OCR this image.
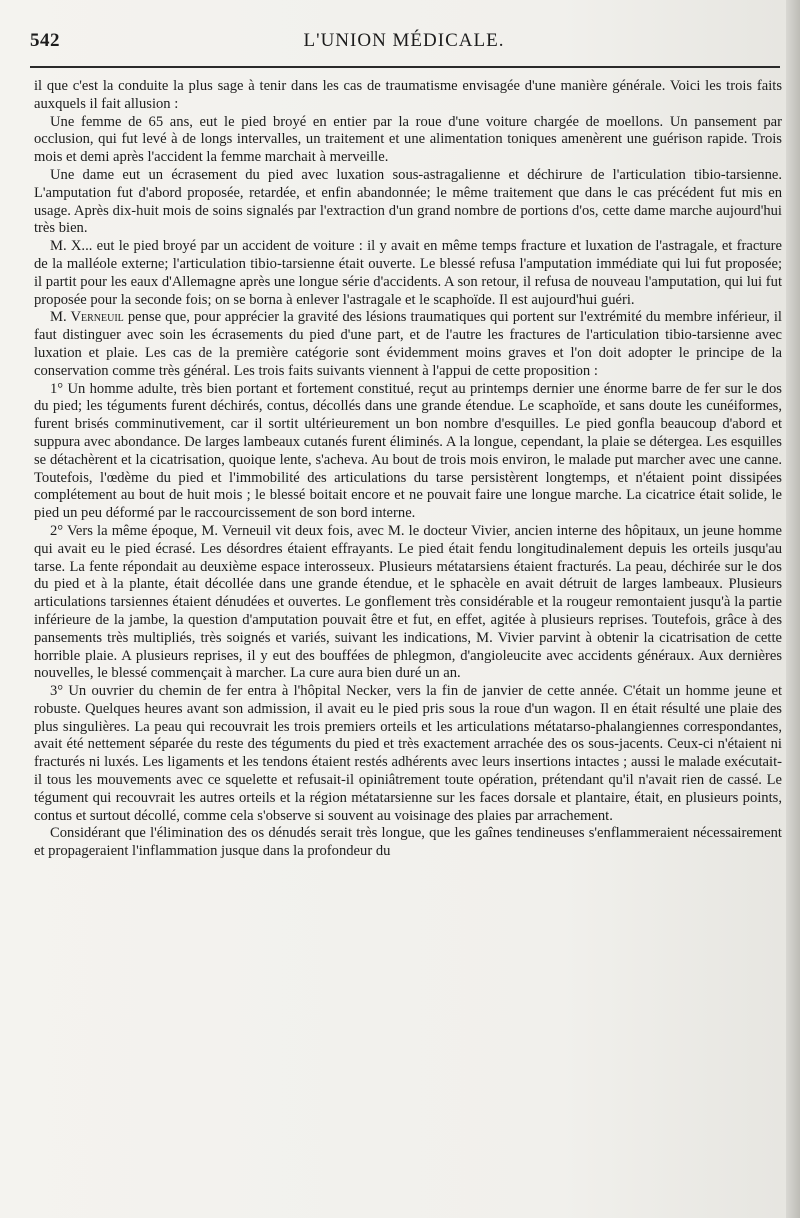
542	L'UNION MÉDICALE.

il que c'est la conduite la plus sage à tenir dans les cas de traumatisme envisagée d'une manière générale. Voici les trois faits auxquels il fait allusion :

Une femme de 65 ans, eut le pied broyé en entier par la roue d'une voiture chargée de moellons. Un pansement par occlusion, qui fut levé à de longs intervalles, un traitement et une alimentation toniques amenèrent une guérison rapide. Trois mois et demi après l'accident la femme marchait à merveille.

Une dame eut un écrasement du pied avec luxation sous-astragalienne et déchirure de l'articulation tibio-tarsienne. L'amputation fut d'abord proposée, retardée, et enfin abandonnée; le même traitement que dans le cas précédent fut mis en usage. Après dix-huit mois de soins signalés par l'extraction d'un grand nombre de portions d'os, cette dame marche aujourd'hui très bien.

M. X... eut le pied broyé par un accident de voiture : il y avait en même temps fracture et luxation de l'astragale, et fracture de la malléole externe; l'articulation tibio-tarsienne était ouverte. Le blessé refusa l'amputation immédiate qui lui fut proposée; il partit pour les eaux d'Allemagne après une longue série d'accidents. A son retour, il refusa de nouveau l'amputation, qui lui fut proposée pour la seconde fois; on se borna à enlever l'astragale et le scaphoïde. Il est aujourd'hui guéri.

M. Verneuil pense que, pour apprécier la gravité des lésions traumatiques qui portent sur l'extrémité du membre inférieur, il faut distinguer avec soin les écrasements du pied d'une part, et de l'autre les fractures de l'articulation tibio-tarsienne avec luxation et plaie. Les cas de la première catégorie sont évidemment moins graves et l'on doit adopter le principe de la conservation comme très général. Les trois faits suivants viennent à l'appui de cette proposition :

1° Un homme adulte, très bien portant et fortement constitué, reçut au printemps dernier une énorme barre de fer sur le dos du pied; les téguments furent déchirés, contus, décollés dans une grande étendue. Le scaphoïde, et sans doute les cunéiformes, furent brisés comminutivement, car il sortit ultérieurement un bon nombre d'esquilles. Le pied gonfla beaucoup d'abord et suppura avec abondance. De larges lambeaux cutanés furent éliminés. A la longue, cependant, la plaie se détergea. Les esquilles se détachèrent et la cicatrisation, quoique lente, s'acheva. Au bout de trois mois environ, le malade put marcher avec une canne. Toutefois, l'œdème du pied et l'immobilité des articulations du tarse persistèrent longtemps, et n'étaient point dissipées complétement au bout de huit mois ; le blessé boitait encore et ne pouvait faire une longue marche. La cicatrice était solide, le pied un peu déformé par le raccourcissement de son bord interne.

2° Vers la même époque, M. Verneuil vit deux fois, avec M. le docteur Vivier, ancien interne des hôpitaux, un jeune homme qui avait eu le pied écrasé. Les désordres étaient effrayants. Le pied était fendu longitudinalement depuis les orteils jusqu'au tarse. La fente répondait au deuxième espace interosseux. Plusieurs métatarsiens étaient fracturés. La peau, déchirée sur le dos du pied et à la plante, était décollée dans une grande étendue, et le sphacèle en avait détruit de larges lambeaux. Plusieurs articulations tarsiennes étaient dénudées et ouvertes. Le gonflement très considérable et la rougeur remontaient jusqu'à la partie inférieure de la jambe, la question d'amputation pouvait être et fut, en effet, agitée à plusieurs reprises. Toutefois, grâce à des pansements très multipliés, très soignés et variés, suivant les indications, M. Vivier parvint à obtenir la cicatrisation de cette horrible plaie. A plusieurs reprises, il y eut des bouffées de phlegmon, d'angioleucite avec accidents généraux. Aux dernières nouvelles, le blessé commençait à marcher. La cure aura bien duré un an.

3° Un ouvrier du chemin de fer entra à l'hôpital Necker, vers la fin de janvier de cette année. C'était un homme jeune et robuste. Quelques heures avant son admission, il avait eu le pied pris sous la roue d'un wagon. Il en était résulté une plaie des plus singulières. La peau qui recouvrait les trois premiers orteils et les articulations métatarso-phalangiennes correspondantes, avait été nettement séparée du reste des téguments du pied et très exactement arrachée des os sous-jacents. Ceux-ci n'étaient ni fracturés ni luxés. Les ligaments et les tendons étaient restés adhérents avec leurs insertions intactes ; aussi le malade exécutait-il tous les mouvements avec ce squelette et refusait-il opiniâtrement toute opération, prétendant qu'il n'avait rien de cassé. Le tégument qui recouvrait les autres orteils et la région métatarsienne sur les faces dorsale et plantaire, était, en plusieurs points, contus et surtout décollé, comme cela s'observe si souvent au voisinage des plaies par arrachement.

Considérant que l'élimination des os dénudés serait très longue, que les gaînes tendineuses s'enflammeraient nécessairement et propageraient l'inflammation jusque dans la profondeur du
